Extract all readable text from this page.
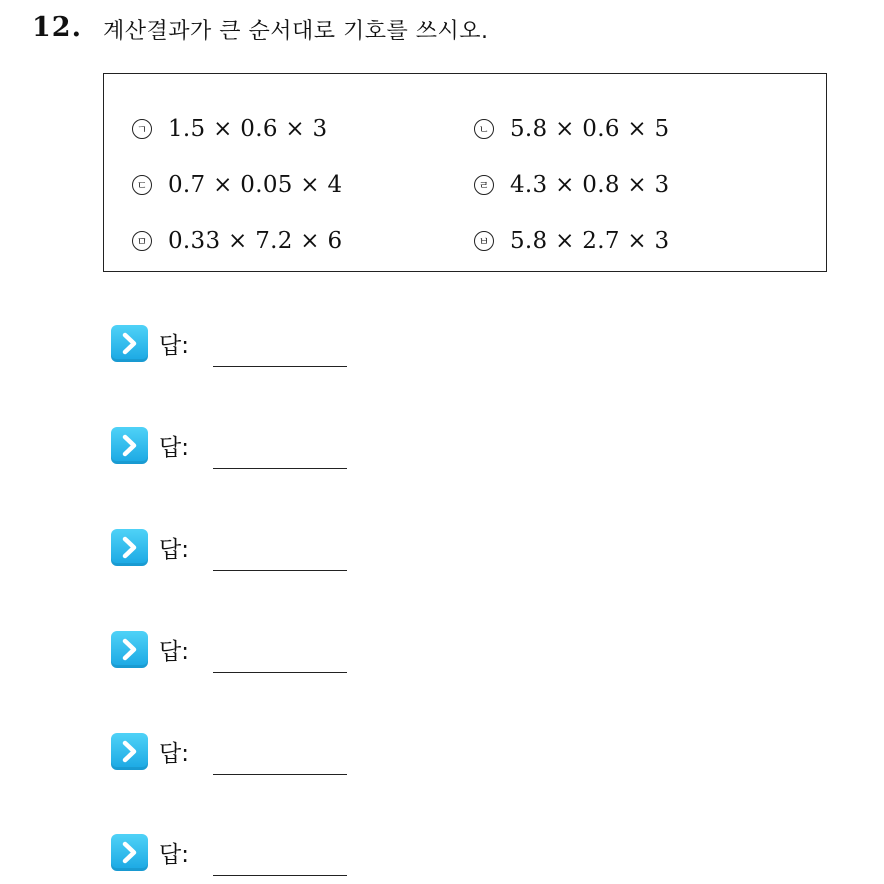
12. 계산결과가 큰 순서대로 기호를 쓰시오.
ㄱ 1.5 × 0.6 × 3	ㄴ 5.8 × 0.6 × 5
ㄷ 0.7 × 0.05 × 4	ㄹ 4.3 × 0.8 × 3
ㅁ 0.33 × 7.2 × 6	ㅂ 5.8 × 2.7 × 3
답:
답:
답:
답:
답:
답:
